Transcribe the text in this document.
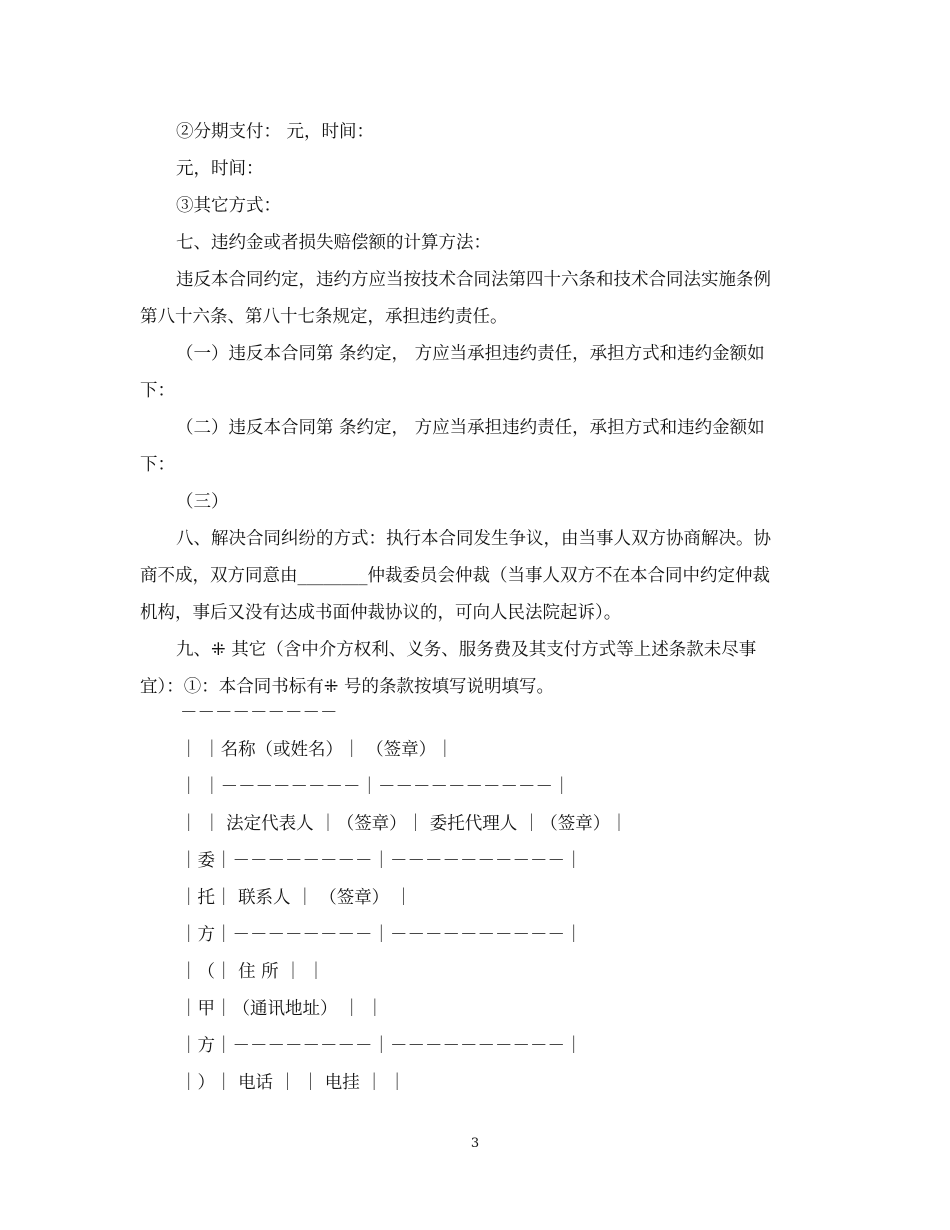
②分期支付： 元，时间：
元，时间：
③其它方式：
七、违约金或者损失赔偿额的计算方法：
违反本合同约定，违约方应当按技术合同法第四十六条和技术合同法实施条例
第八十六条、第八十七条规定，承担违约责任。
（一）违反本合同第 条约定， 方应当承担违约责任，承担方式和违约金额如
下：
（二）违反本合同第 条约定， 方应当承担违约责任，承担方式和违约金额如
下：
（三）
八、解决合同纠纷的方式：执行本合同发生争议，由当事人双方协商解决。协
商不成，双方同意由________仲裁委员会仲裁（当事人双方不在本合同中约定仲裁
机构，事后又没有达成书面仲裁协议的，可向人民法院起诉）。
九、⁜ 其它（含中介方权利、义务、服务费及其支付方式等上述条款未尽事
宜）：①：本合同书标有⁜ 号的条款按填写说明填写。
－－－－－－－－－
｜ ｜名称（或姓名）｜ （签章）｜
｜ ｜－－－－－－－－｜－－－－－－－－－－｜
｜ ｜ 法定代表人 ｜（签章）｜ 委托代理人 ｜（签章）｜
｜委｜－－－－－－－－｜－－－－－－－－－－｜
｜托｜ 联系人 ｜ （签章） ｜
｜方｜－－－－－－－－｜－－－－－－－－－－｜
｜（｜ 住 所 ｜ ｜
｜甲｜（通讯地址） ｜ ｜
｜方｜－－－－－－－－｜－－－－－－－－－－｜
｜）｜ 电话 ｜ ｜ 电挂 ｜ ｜
3
